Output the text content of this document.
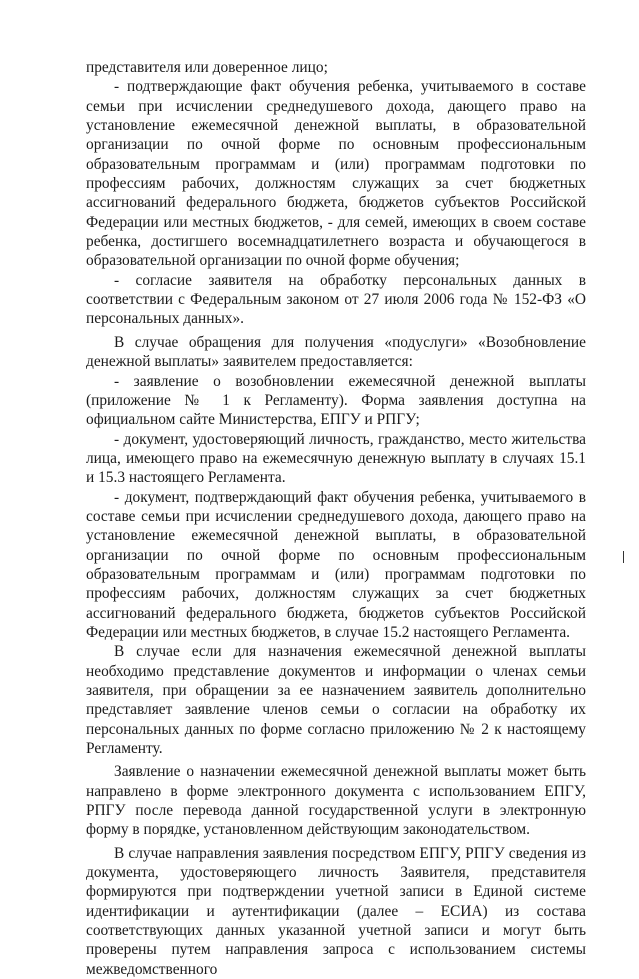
представителя или доверенное лицо;

- подтверждающие факт обучения ребенка, учитываемого в составе семьи при исчислении среднедушевого дохода, дающего право на установление ежемесячной денежной выплаты, в образовательной организации по очной форме по основным профессиональным образовательным программам и (или) программам подготовки по профессиям рабочих, должностям служащих за счет бюджетных ассигнований федерального бюджета, бюджетов субъектов Российской Федерации или местных бюджетов, - для семей, имеющих в своем составе ребенка, достигшего восемнадцатилетнего возраста и обучающегося в образовательной организации по очной форме обучения;

- согласие заявителя на обработку персональных данных в соответствии с Федеральным законом от 27 июля 2006 года № 152-ФЗ «О персональных данных».

В случае обращения для получения «подуслуги» «Возобновление денежной выплаты» заявителем предоставляется:

- заявление о возобновлении ежемесячной денежной выплаты (приложение № 1 к Регламенту). Форма заявления доступна на официальном сайте Министерства, ЕПГУ и РПГУ;

- документ, удостоверяющий личность, гражданство, место жительства лица, имеющего право на ежемесячную денежную выплату в случаях 15.1 и 15.3 настоящего Регламента.

- документ, подтверждающий факт обучения ребенка, учитываемого в составе семьи при исчислении среднедушевого дохода, дающего право на установление ежемесячной денежной выплаты, в образовательной организации по очной форме по основным профессиональным образовательным программам и (или) программам подготовки по профессиям рабочих, должностям служащих за счет бюджетных ассигнований федерального бюджета, бюджетов субъектов Российской Федерации или местных бюджетов, в случае 15.2 настоящего Регламента.

В случае если для назначения ежемесячной денежной выплаты необходимо представление документов и информации о членах семьи заявителя, при обращении за ее назначением заявитель дополнительно представляет заявление членов семьи о согласии на обработку их персональных данных по форме согласно приложению № 2 к настоящему Регламенту.

Заявление о назначении ежемесячной денежной выплаты может быть направлено в форме электронного документа с использованием ЕПГУ, РПГУ после перевода данной государственной услуги в электронную форму в порядке, установленном действующим законодательством.

В случае направления заявления посредством ЕПГУ, РПГУ сведения из документа, удостоверяющего личность Заявителя, представителя формируются при подтверждении учетной записи в Единой системе идентификации и аутентификации (далее – ЕСИА) из состава соответствующих данных указанной учетной записи и могут быть проверены путем направления запроса с использованием системы межведомственного
